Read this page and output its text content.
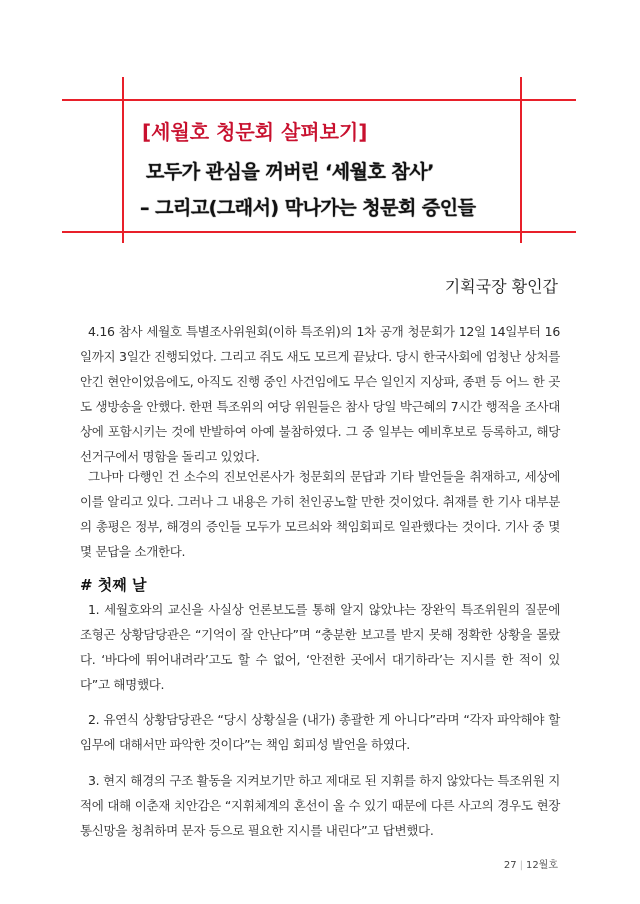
[세월호 청문회 살펴보기]
모두가 관심을 꺼버린 ‘세월호 참사’
– 그리고(그래서) 막나가는 청문회 증인들
기획국장 황인갑

4.16 참사 세월호 특별조사위원회(이하 특조위)의 1차 공개 청문회가 12일 14일부터 16일까지 3일간 진행되었다. 그리고 쥐도 새도 모르게 끝났다. 당시 한국사회에 엄청난 상처를 안긴 현안이었음에도, 아직도 진행 중인 사건임에도 무슨 일인지 지상파, 종편 등 어느 한 곳도 생방송을 안했다. 한편 특조위의 여당 위원들은 참사 당일 박근혜의 7시간 행적을 조사대상에 포함시키는 것에 반발하여 아예 불참하였다. 그 중 일부는 예비후보로 등록하고, 해당 선거구에서 명함을 돌리고 있었다.

그나마 다행인 건 소수의 진보언론사가 청문회의 문답과 기타 발언들을 취재하고, 세상에 이를 알리고 있다. 그러나 그 내용은 가히 천인공노할 만한 것이었다. 취재를 한 기사 대부분의 총평은 정부, 해경의 증인들 모두가 모르쇠와 책임회피로 일관했다는 것이다. 기사 중 몇몇 문답을 소개한다.

# 첫째 날

1. 세월호와의 교신을 사실상 언론보도를 통해 알지 않았냐는 장완익 특조위원의 질문에 조형곤 상황담당관은 “기억이 잘 안난다”며 “충분한 보고를 받지 못해 정확한 상황을 몰랐다. ‘바다에 뛰어내려라’고도 할 수 없어, ‘안전한 곳에서 대기하라’는 지시를 한 적이 있다”고 해명했다.

2. 유연식 상황담당관은 “당시 상황실을 (내가) 총괄한 게 아니다”라며 “각자 파악해야 할 임무에 대해서만 파악한 것이다”는 책임 회피성 발언을 하였다.

3. 현지 해경의 구조 활동을 지켜보기만 하고 제대로 된 지휘를 하지 않았다는 특조위원 지적에 대해 이춘재 치안감은 “지휘체계의 혼선이 올 수 있기 때문에 다른 사고의 경우도 현장 통신망을 청취하며 문자 등으로 필요한 지시를 내린다”고 답변했다.

27 | 12월호
